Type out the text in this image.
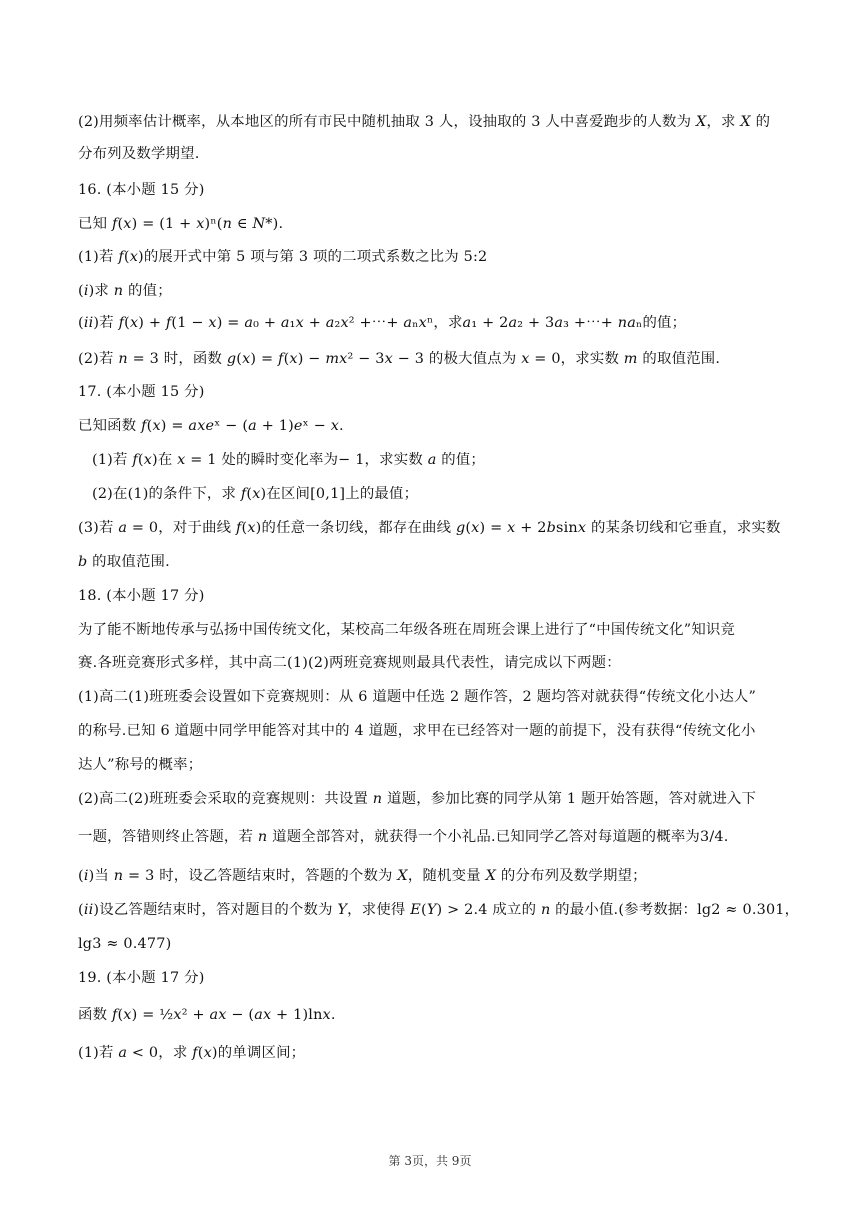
(2)用频率估计概率，从本地区的所有市民中随机抽取 3 人，设抽取的 3 人中喜爱跑步的人数为 𝑋，求 𝑋 的
分布列及数学期望.
16. (本小题 15 分)
已知 𝑓(𝑥) = (1 + 𝑥)ⁿ(𝑛 ∈ 𝑁*).
(1)若 𝑓(𝑥)的展开式中第 5 项与第 3 项的二项式系数之比为 5:2
(𝑖)求 𝑛 的值；
(𝑖𝑖)若 𝑓(𝑥) + 𝑓(1 − 𝑥) = 𝑎₀ + 𝑎₁𝑥 + 𝑎₂𝑥² +⋯+ 𝑎ₙ𝑥ⁿ，求𝑎₁ + 2𝑎₂ + 3𝑎₃ +⋯+ 𝑛𝑎ₙ的值；
(2)若 𝑛 = 3 时，函数 𝑔(𝑥) = 𝑓(𝑥) − 𝑚𝑥² − 3𝑥 − 3 的极大值点为 𝑥 = 0，求实数 𝑚 的取值范围.
17. (本小题 15 分)
已知函数 𝑓(𝑥) = 𝑎𝑥𝑒ˣ − (𝑎 + 1)𝑒ˣ − 𝑥.
(1)若 𝑓(𝑥)在 𝑥 = 1 处的瞬时变化率为− 1，求实数 𝑎 的值；
(2)在(1)的条件下，求 𝑓(𝑥)在区间[0,1]上的最值；
(3)若 𝑎 = 0，对于曲线 𝑓(𝑥)的任意一条切线，都存在曲线 𝑔(𝑥) = 𝑥 + 2𝑏sin𝑥 的某条切线和它垂直，求实数
𝑏 的取值范围.
18. (本小题 17 分)
为了能不断地传承与弘扬中国传统文化，某校高二年级各班在周班会课上进行了“中国传统文化”知识竞
赛.各班竞赛形式多样，其中高二(1)(2)两班竞赛规则最具代表性，请完成以下两题：
(1)高二(1)班班委会设置如下竞赛规则：从 6 道题中任选 2 题作答，2 题均答对就获得“传统文化小达人”
的称号.已知 6 道题中同学甲能答对其中的 4 道题，求甲在已经答对一题的前提下，没有获得“传统文化小
达人”称号的概率；
(2)高二(2)班班委会采取的竞赛规则：共设置 𝑛 道题，参加比赛的同学从第 1 题开始答题，答对就进入下
一题，答错则终止答题，若 𝑛 道题全部答对，就获得一个小礼品.已知同学乙答对每道题的概率为3/4.
(𝑖)当 𝑛 = 3 时，设乙答题结束时，答题的个数为 𝑋，随机变量 𝑋 的分布列及数学期望；
(𝑖𝑖)设乙答题结束时，答对题目的个数为 𝑌，求使得 𝐸(𝑌) > 2.4 成立的 𝑛 的最小值.(参考数据：lg2 ≈ 0.301，
lg3 ≈ 0.477)
19. (本小题 17 分)
函数 𝑓(𝑥) = ½𝑥² + 𝑎𝑥 − (𝑎𝑥 + 1)ln𝑥.
(1)若 𝑎 < 0，求 𝑓(𝑥)的单调区间；
第 3页，共 9页
